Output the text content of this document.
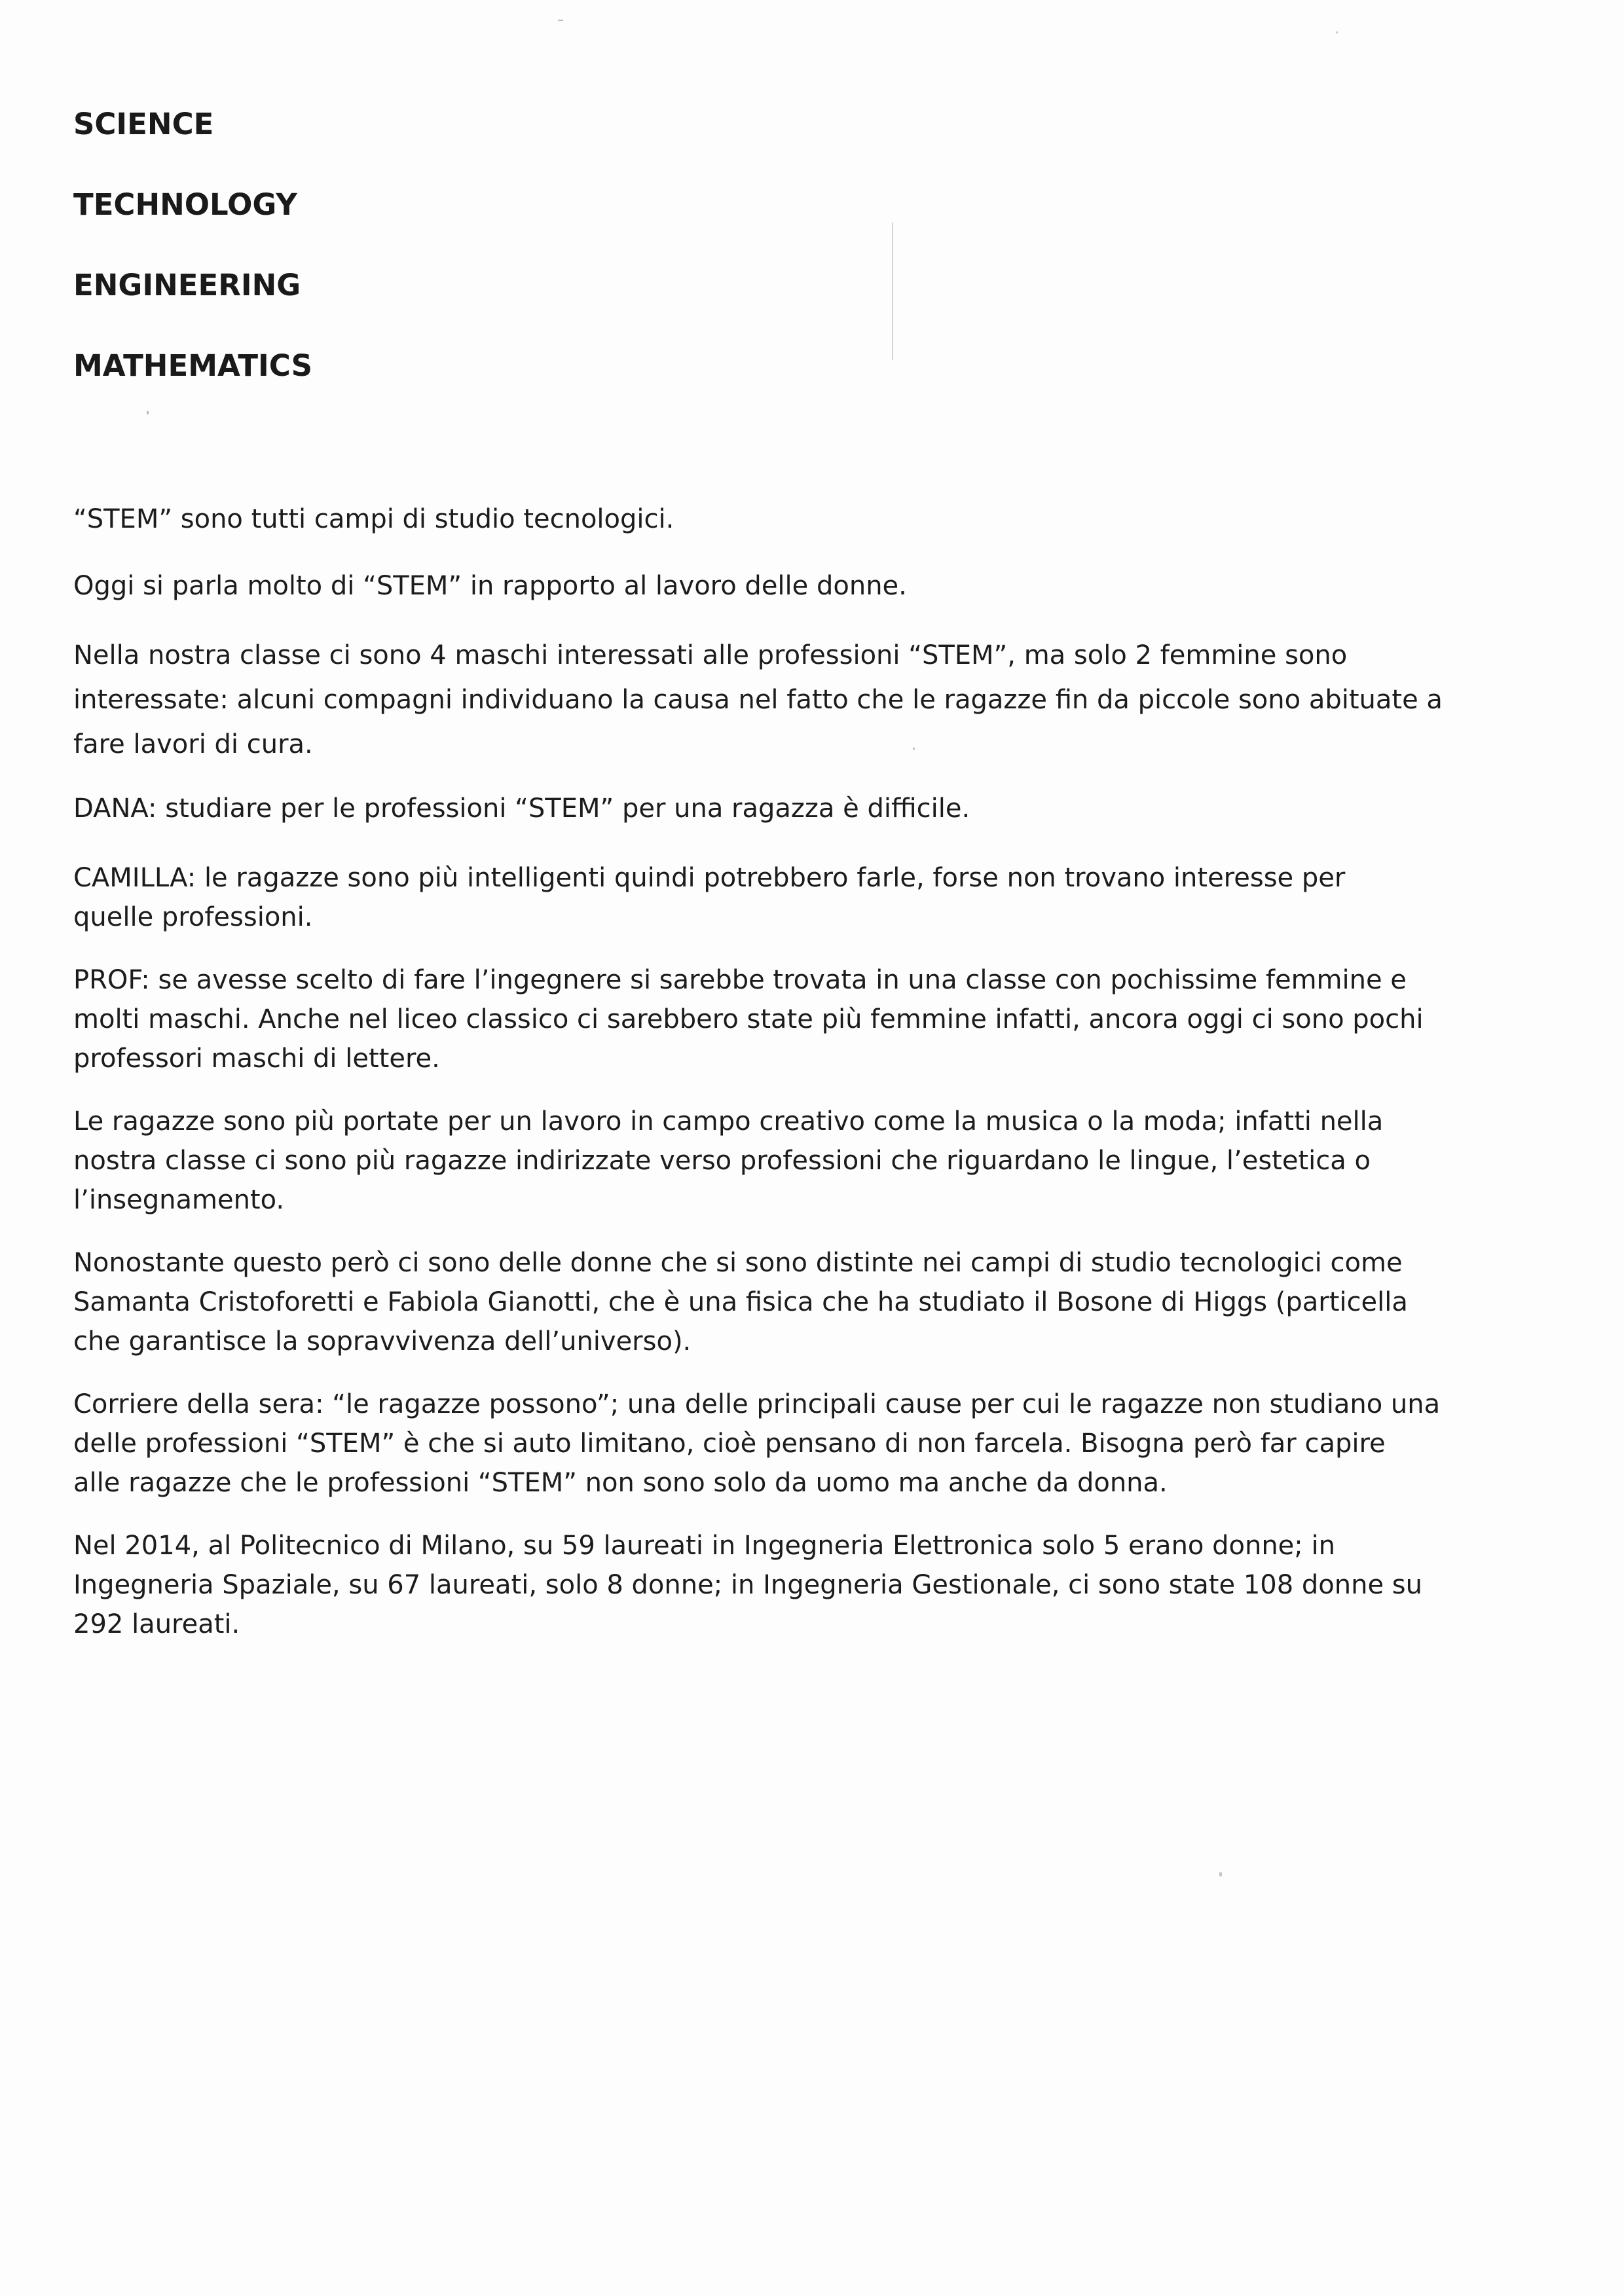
SCIENCE
TECHNOLOGY
ENGINEERING
MATHEMATICS
“STEM” sono tutti campi di studio tecnologici.
Oggi si parla molto di “STEM” in rapporto al lavoro delle donne.
Nella nostra classe ci sono 4 maschi interessati alle professioni “STEM”, ma solo 2 femmine sono
interessate: alcuni compagni individuano la causa nel fatto che le ragazze fin da piccole sono abituate a
fare lavori di cura.
DANA: studiare per le professioni “STEM” per una ragazza è difficile.
CAMILLA: le ragazze sono più intelligenti quindi potrebbero farle, forse non trovano interesse per
quelle professioni.
PROF: se avesse scelto di fare l’ingegnere si sarebbe trovata in una classe con pochissime femmine e
molti maschi. Anche nel liceo classico ci sarebbero state più femmine infatti, ancora oggi ci sono pochi
professori maschi di lettere.
Le ragazze sono più portate per un lavoro in campo creativo come la musica o la moda; infatti nella
nostra classe ci sono più ragazze indirizzate verso professioni che riguardano le lingue, l’estetica o
l’insegnamento.
Nonostante questo però ci sono delle donne che si sono distinte nei campi di studio tecnologici come
Samanta Cristoforetti e Fabiola Gianotti, che è una fisica che ha studiato il Bosone di Higgs (particella
che garantisce la sopravvivenza dell’universo).
Corriere della sera: “le ragazze possono”; una delle principali cause per cui le ragazze non studiano una
delle professioni “STEM” è che si auto limitano, cioè pensano di non farcela. Bisogna però far capire
alle ragazze che le professioni “STEM” non sono solo da uomo ma anche da donna.
Nel 2014, al Politecnico di Milano, su 59 laureati in Ingegneria Elettronica solo 5 erano donne; in
Ingegneria Spaziale, su 67 laureati, solo 8 donne; in Ingegneria Gestionale, ci sono state 108 donne su
292 laureati.
